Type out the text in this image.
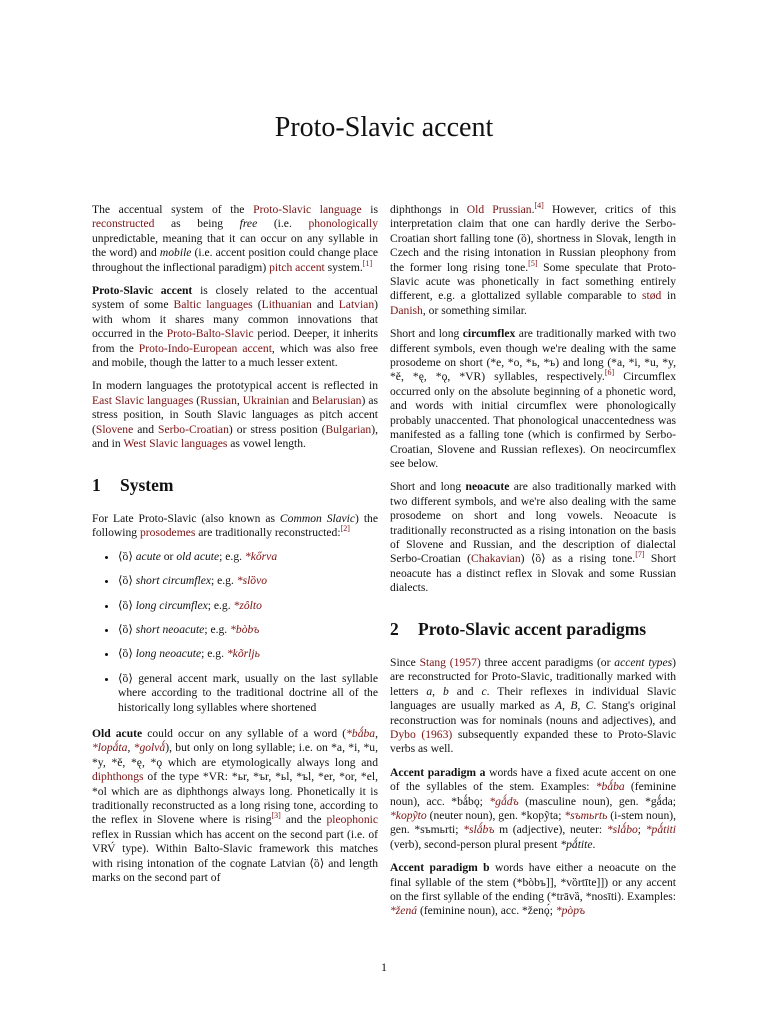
Proto-Slavic accent

The accentual system of the Proto-Slavic language is reconstructed as being free (i.e. phonologically unpredictable, meaning that it can occur on any syllable in the word) and mobile (i.e. accent position could change place throughout the inflectional paradigm) pitch accent system.[1]

Proto-Slavic accent is closely related to the accentual system of some Baltic languages (Lithuanian and Latvian) with whom it shares many common innovations that occurred in the Proto-Balto-Slavic period. Deeper, it inherits from the Proto-Indo-European accent, which was also free and mobile, though the latter to a much lesser extent.

In modern languages the prototypical accent is reflected in East Slavic languages (Russian, Ukrainian and Belarusian) as stress position, in South Slavic languages as pitch accent (Slovene and Serbo-Croatian) or stress position (Bulgarian), and in West Slavic languages as vowel length.

1 System

For Late Proto-Slavic (also known as Common Slavic) the following prosodemes are traditionally reconstructed:[2]

• ⟨ȍ⟩ acute or old acute; e.g. *kőrva
• ⟨ȍ⟩ short circumflex; e.g. *slȍvo
• ⟨ȍ⟩ long circumflex; e.g. *zôlto
• ⟨ȍ⟩ short neoacute; e.g. *bòbъ
• ⟨ȍ⟩ long neoacute; e.g. *kõrljь
• ⟨ȍ⟩ general accent mark, usually on the last syllable where according to the traditional doctrine all of the historically long syllables where shortened

Old acute could occur on any syllable of a word (*bǻba, *lopǻta, *golvǻ), but only on long syllable; i.e. on *a, *i, *u, *y, *ě, *ę, *ǫ which are etymologically always long and diphthongs of the type *VR: *ьr, *ъr, *ьl, *ъl, *er, *or, *el, *ol which are as diphthongs always long. Phonetically it is traditionally reconstructed as a long rising tone, according to the reflex in Slovene where is rising[3] and the pleophonic reflex in Russian which has accent on the second part (i.e. of VRV́ type). Within Balto-Slavic framework this matches with rising intonation of the cognate Latvian ⟨ȍ⟩ and length marks on the second part of

diphthongs in Old Prussian.[4] However, critics of this interpretation claim that one can hardly derive the Serbo-Croatian short falling tone (ȍ), shortness in Slovak, length in Czech and the rising intonation in Russian pleophony from the former long rising tone.[5] Some speculate that Proto-Slavic acute was phonetically in fact something entirely different, e.g. a glottalized syllable comparable to stød in Danish, or something similar.

Short and long circumflex are traditionally marked with two different symbols, even though we're dealing with the same prosodeme on short (*e, *o, *ь, *ъ) and long (*a, *i, *u, *y, *ě, *ę, *ǫ, *VR) syllables, respectively.[6] Circumflex occurred only on the absolute beginning of a phonetic word, and words with initial circumflex were phonologically probably unaccented. That phonological unaccentedness was manifested as a falling tone (which is confirmed by Serbo-Croatian, Slovene and Russian reflexes). On neocircumflex see below.

Short and long neoacute are also traditionally marked with two different symbols, and we're also dealing with the same prosodeme on short and long vowels. Neoacute is traditionally reconstructed as a rising intonation on the basis of Slovene and Russian, and the description of dialectal Serbo-Croatian (Chakavian) ⟨ȍ⟩ as a rising tone.[7] Short neoacute has a distinct reflex in Slovak and some Russian dialects.

2 Proto-Slavic accent paradigms

Since Stang (1957) three accent paradigms (or accent types) are reconstructed for Proto-Slavic, traditionally marked with letters a, b and c. Their reflexes in individual Slavic languages are usually marked as A, B, C. Stang's original reconstruction was for nominals (nouns and adjectives), and Dybo (1963) subsequently expanded these to Proto-Slavic verbs as well.

Accent paradigm a words have a fixed acute accent on one of the syllables of the stem. Examples: *bǻba (feminine noun), acc. *bǻbǫ; *gǻdъ (masculine noun), gen. *gǻda; *kopỹto (neuter noun), gen. *kopỹta; *sъmьrtь (i-stem noun), gen. *sъmьrti; *slǻbъ m (adjective), neuter: *slǻbo; *pǻtiti (verb), second-person plural present *pǻtite.

Accent paradigm b words have either a neoacute on the final syllable of the stem (*bòbъ]], *vȍrtīte]]) or any accent on the first syllable of the ending (*trāvȁ, *nosīti). Examples: *žená (feminine noun), acc. *ženǫ́; *pòpъ

1
